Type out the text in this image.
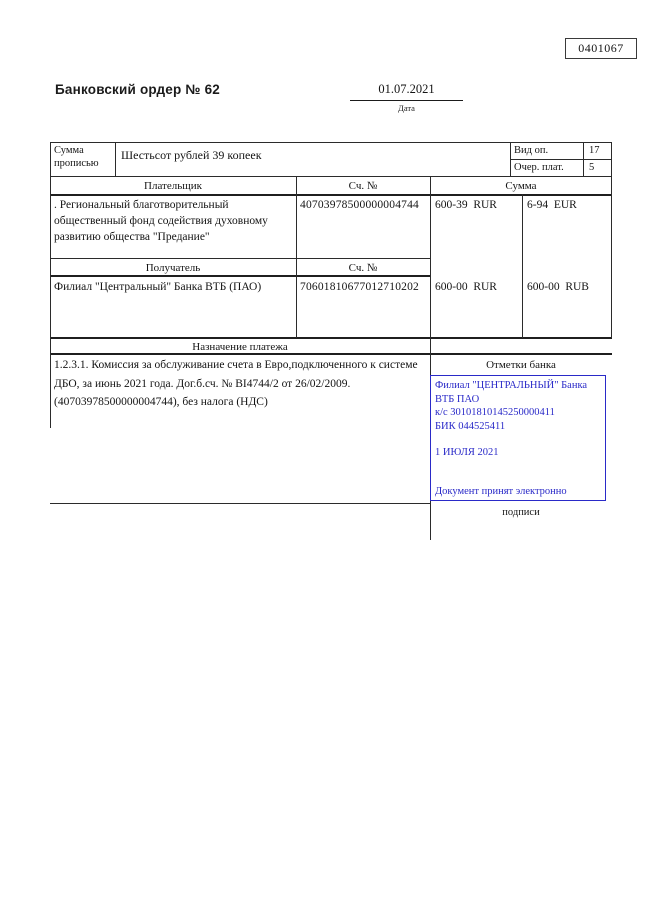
0401067
Банковский ордер № 62	01.07.2021
Дата
Сумма прописью
Шестьсот рублей 39 копеек	Вид оп.	17
Очер. плат. 5
Плательщик	Сч. №	Сумма
. Региональный благотворительный общественный фонд содействия духовному развитию общества "Предание"
40703978500000004744 600-39  RUR	6-94  EUR
Получатель	Сч. №
Филиал "Центральный" Банка ВТБ (ПАО)	70601810677012710202 600-00  RUR	600-00  RUB
Назначение платежа
1.2.3.1. Комиссия за обслуживание счета в Евро,подключенного к системе ДБО, за июнь 2021 года. Дог.б.сч. № ВI4744/2 от 26/02/2009.(40703978500000004744), без налога (НДС)
Отметки банка
Филиал "ЦЕНТРАЛЬНЫЙ" Банка ВТБ ПАО
к/с 30101810145250000411
БИК 044525411
1 ИЮЛЯ 2021
Документ принят электронно
подписи
